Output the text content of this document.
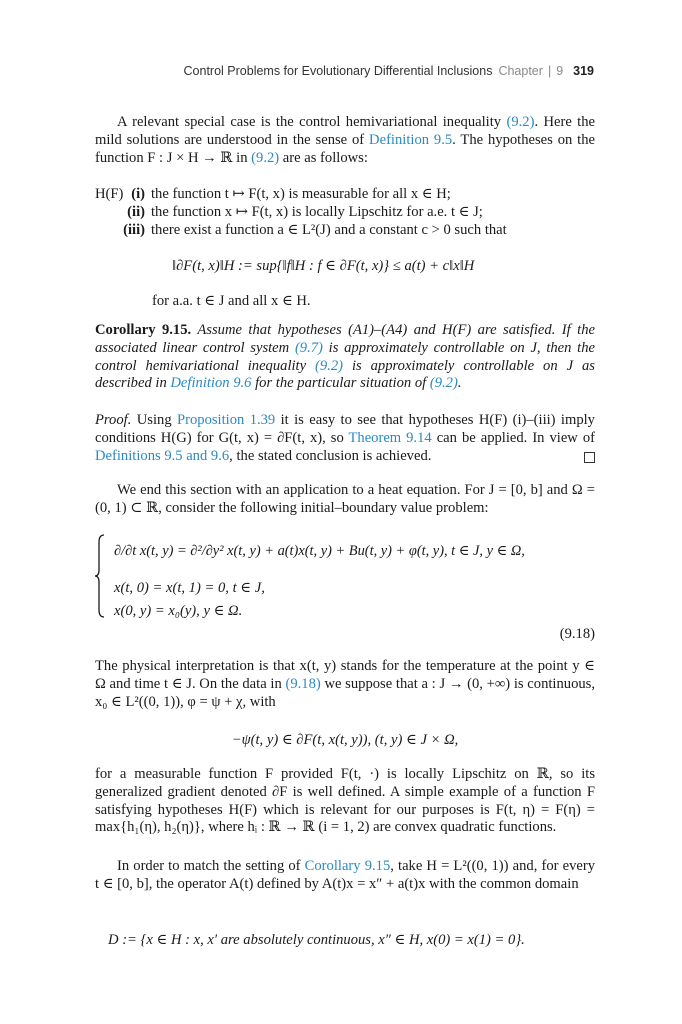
Control Problems for Evolutionary Differential Inclusions Chapter | 9 319
A relevant special case is the control hemivariational inequality (9.2). Here the mild solutions are understood in the sense of Definition 9.5. The hypotheses on the function F : J × H → ℝ in (9.2) are as follows:
H(F) (i) the function t ↦ F(t, x) is measurable for all x ∈ H;
(ii) the function x ↦ F(t, x) is locally Lipschitz for a.e. t ∈ J;
(iii) there exist a function a ∈ L²(J) and a constant c > 0 such that
‖∂F(t, x)‖H := sup{‖f‖H : f ∈ ∂F(t, x)} ≤ a(t) + c‖x‖H
for a.a. t ∈ J and all x ∈ H.
Corollary 9.15. Assume that hypotheses (A1)–(A4) and H(F) are satisfied. If the associated linear control system (9.7) is approximately controllable on J, then the control hemivariational inequality (9.2) is approximately controllable on J as described in Definition 9.6 for the particular situation of (9.2).
Proof. Using Proposition 1.39 it is easy to see that hypotheses H(F) (i)–(iii) imply conditions H(G) for G(t, x) = ∂F(t, x), so Theorem 9.14 can be applied. In view of Definitions 9.5 and 9.6, the stated conclusion is achieved.
We end this section with an application to a heat equation. For J = [0, b] and Ω = (0, 1) ⊂ ℝ, consider the following initial–boundary value problem:
∂/∂t x(t, y) = ∂²/∂y² x(t, y) + a(t)x(t, y) + Bu(t, y) + φ(t, y), t ∈ J, y ∈ Ω,
x(t, 0) = x(t, 1) = 0, t ∈ J,
x(0, y) = x₀(y), y ∈ Ω.
(9.18)
The physical interpretation is that x(t, y) stands for the temperature at the point y ∈ Ω and time t ∈ J. On the data in (9.18) we suppose that a : J → (0, +∞) is continuous, x₀ ∈ L²((0, 1)), φ = ψ + χ, with
−ψ(t, y) ∈ ∂F(t, x(t, y)), (t, y) ∈ J × Ω,
for a measurable function F provided F(t, ·) is locally Lipschitz on ℝ, so its generalized gradient denoted ∂F is well defined. A simple example of a function F satisfying hypotheses H(F) which is relevant for our purposes is F(t, η) = F(η) = max{h₁(η), h₂(η)}, where hᵢ : ℝ → ℝ (i = 1, 2) are convex quadratic functions.
In order to match the setting of Corollary 9.15, take H = L²((0, 1)) and, for every t ∈ [0, b], the operator A(t) defined by A(t)x = x″ + a(t)x with the common domain
D := {x ∈ H : x, x′ are absolutely continuous, x″ ∈ H, x(0) = x(1) = 0}.
